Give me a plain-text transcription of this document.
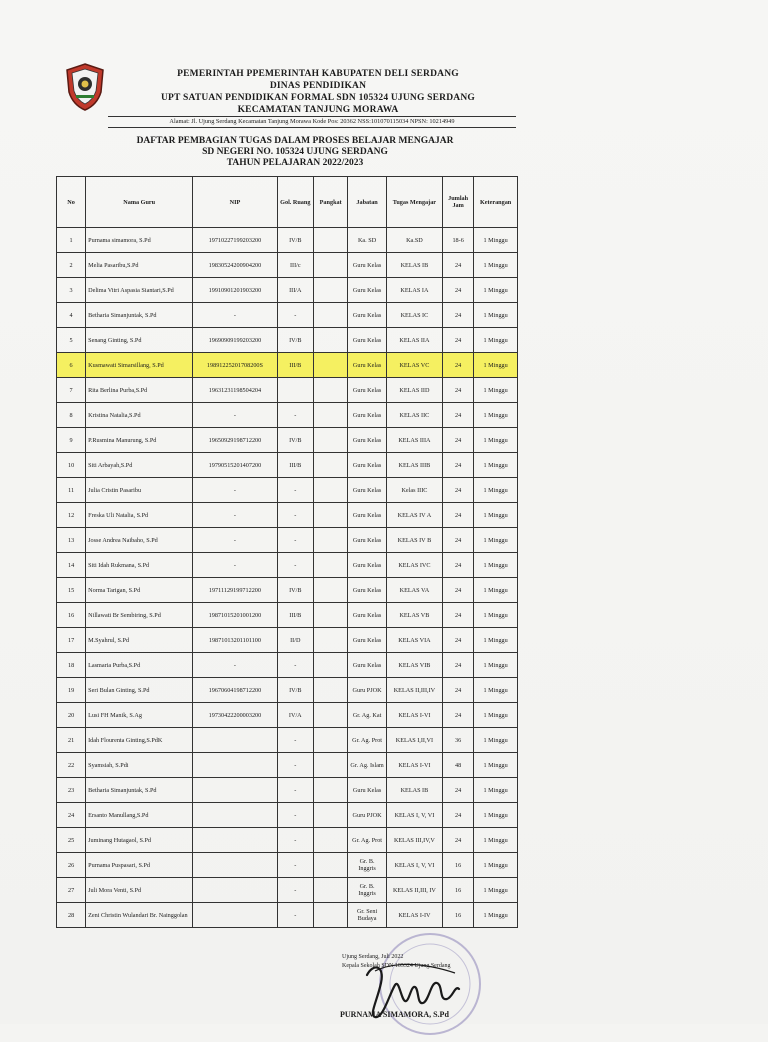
PEMERINTAH PPEMERINTAH KABUPATEN DELI SERDANG
DINAS PENDIDIKAN
UPT SATUAN PENDIDIKAN FORMAL SDN 105324 UJUNG SERDANG
KECAMATAN TANJUNG MORAWA
Alamat: Jl. Ujung Serdang Kecamatan Tanjung Morawa Kode Pos: 20362 NSS:101070115034 NPSN: 10214949
DAFTAR PEMBAGIAN TUGAS DALAM PROSES BELAJAR MENGAJAR
SD NEGERI NO. 105324 UJUNG SERDANG
TAHUN PELAJARAN 2022/2023
No	Nama Guru	NIP	Gol. Ruang	Pangkat	Jabatan	Tugas Mengajar	Jumlah Jam	Keterangan
1	Purnama simamora, S.Pd	19710227199203200	IV/B		Ka. SD	Ka.SD	18-6	1 Minggu
2	Melia Pasaribu,S.Pd	19830524200904200	III/c		Guru Kelas	KELAS IB	24	1 Minggu
3	Delima Vitri Aspasia Siantari,S.Pd	19910901201903200	III/A		Guru Kelas	KELAS IA	24	1 Minggu
4	Betharia Simanjuntak, S.Pd	-	-		Guru Kelas	KELAS IC	24	1 Minggu
5	Senang Ginting, S.Pd	19690909199203200	IV/B		Guru Kelas	KELAS IIA	24	1 Minggu
6	Kusmawati Simarsillang, S.Pd	19891225201708200S	III/B		Guru Kelas	KELAS VC	24	1 Minggu
7	Rita Berlina Purba,S.Pd	19631231198504204			Guru Kelas	KELAS IID	24	1 Minggu
8	Kristina Natalia,S.Pd	-	-		Guru Kelas	KELAS IIC	24	1 Minggu
9	P.Rusmina Manurung, S.Pd	19650929198712200	IV/B		Guru Kelas	KELAS IIIA	24	1 Minggu
10	Siti Arbayah,S.Pd	19790515201407200	III/B		Guru Kelas	KELAS IIIB	24	1 Minggu
11	Julia Cristin Pasaribu	-	-		Guru Kelas	Kelas IIIC	24	1 Minggu
12	Freska Uli Natalia, S.Pd	-	-		Guru Kelas	KELAS IV A	24	1 Minggu
13	Josse Andrea Naibaho, S.Pd	-	-		Guru Kelas	KELAS IV B	24	1 Minggu
14	Siti Idah Rukmana, S.Pd	-	-		Guru Kelas	KELAS IVC	24	1 Minggu
15	Norma Tarigan, S.Pd	19711129199712200	IV/B		Guru Kelas	KELAS VA	24	1 Minggu
16	Nillawati Br Sembiring, S.Pd	19871015201001200	III/B		Guru Kelas	KELAS VB	24	1 Minggu
17	M.Syahrul, S.Pd	19871013201101100	II/D		Guru Kelas	KELAS VIA	24	1 Minggu
18	Lasmaria Purba,S.Pd	-	-		Guru Kelas	KELAS VIB	24	1 Minggu
19	Seri Bulan Ginting, S.Pd	19670604198712200	IV/B		Guru PJOK	KELAS II,III,IV	24	1 Minggu
20	Lusi FH Manik, S.Ag	19730422200003200	IV/A		Gr. Ag. Kat	KELAS I-VI	24	1 Minggu
21	Idah Flourenta Ginting,S.PdK		-		Gr. Ag. Prot	KELAS I,II,VI	36	1 Minggu
22	Syamsiah, S.Pdi		-		Gr. Ag. Islam	KELAS I-VI	48	1 Minggu
23	Betharia Simanjuntak, S.Pd		-		Guru Kelas	KELAS IB	24	1 Minggu
24	Ersanto Manullang,S.Pd		-		Guru PJOK	KELAS I, V, VI	24	1 Minggu
25	Juminang Hutagaol, S.Pd		-		Gr. Ag. Prot	KELAS III,IV,V	24	1 Minggu
26	Purnama Puspasari, S.Pd		-		Gr. B. Inggris	KELAS I, V, VI	16	1 Minggu
27	Juli Mora Venti, S.Pd		-		Gr. B. Inggris	KELAS II,III, IV	16	1 Minggu
28	Zeni Christin Wulandari Br. Nainggolan		-		Gr. Seni Budaya	KELAS I-IV	16	1 Minggu
Ujung Serdang, Juli 2022
Kepala Sekolah SDN 105324 Ujung Serdang
PURNAMA SIMAMORA, S.Pd
